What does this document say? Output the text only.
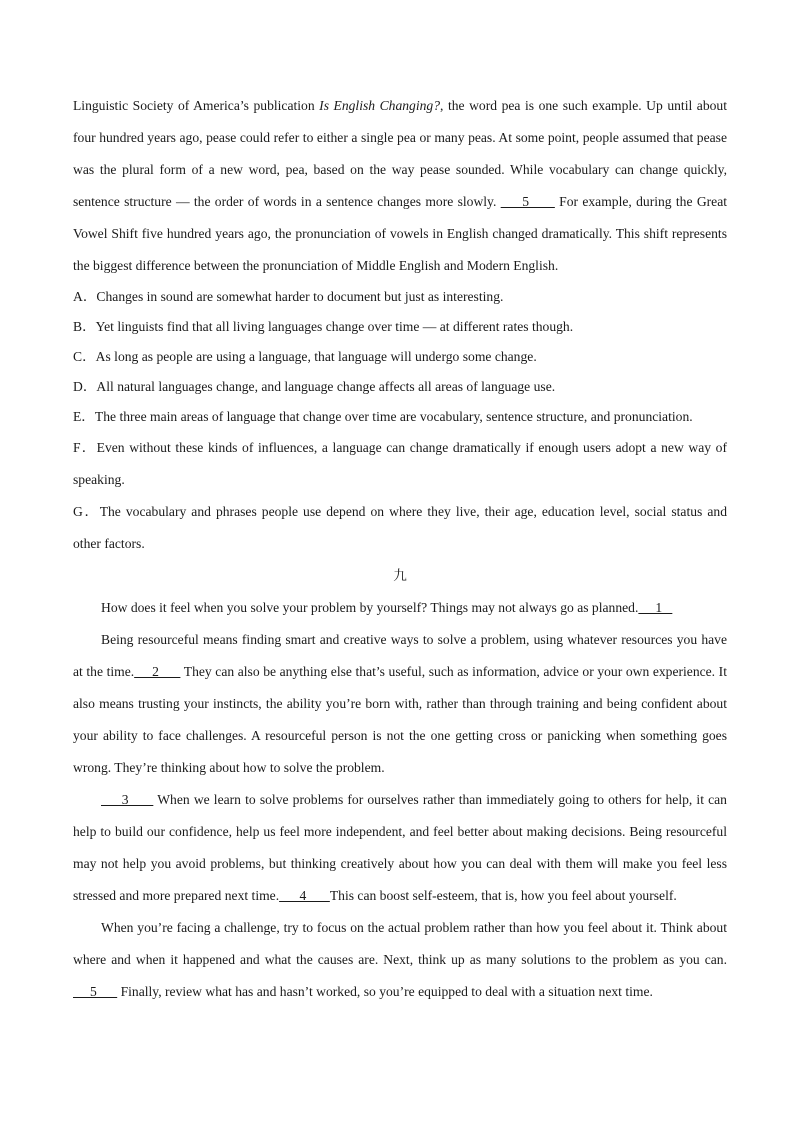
Linguistic Society of America’s publication Is English Changing?, the word pea is one such example. Up until about four hundred years ago, pease could refer to either a single pea or many peas. At some point, people assumed that pease was the plural form of a new word, pea, based on the way pease sounded. While vocabulary can change quickly, sentence structure — the order of words in a sentence changes more slowly.      5       For example, during the Great Vowel Shift five hundred years ago, the pronunciation of vowels in English changed dramatically. This shift represents the biggest difference between the pronunciation of Middle English and Modern English.

A．Changes in sound are somewhat harder to document but just as interesting.

B．Yet linguists find that all living languages change over time — at different rates though.

C．As long as people are using a language, that language will undergo some change.

D．All natural languages change, and language change affects all areas of language use.

E．The three main areas of language that change over time are vocabulary, sentence structure, and pronunciation.

F．Even without these kinds of influences, a language can change dramatically if enough users adopt a new way of speaking.

G．The vocabulary and phrases people use depend on where they live, their age, education level, social status and other factors.

九

How does it feel when you solve your problem by yourself? Things may not always go as planned.     1

Being resourceful means finding smart and creative ways to solve a problem, using whatever resources you have at the time.     2       They can also be anything else that’s useful, such as information, advice or your own experience. It also means trusting your instincts, the ability you’re born with, rather than through training and being confident about your ability to face challenges. A resourceful person is not the one getting cross or panicking when something goes wrong. They’re thinking about how to solve the problem.

3       When we learn to solve problems for ourselves rather than immediately going to others for help, it can help to build our confidence, help us feel more independent, and feel better about making decisions. Being resourceful may not help you avoid problems, but thinking creatively about how you can deal with them will make you feel less stressed and more prepared next time.      4       This can boost self-esteem, that is, how you feel about yourself.

When you’re facing a challenge, try to focus on the actual problem rather than how you feel about it. Think about where and when it happened and what the causes are. Next, think up as many solutions to the problem as you can.     5       Finally, review what has and hasn’t worked, so you’re equipped to deal with a situation next time.
